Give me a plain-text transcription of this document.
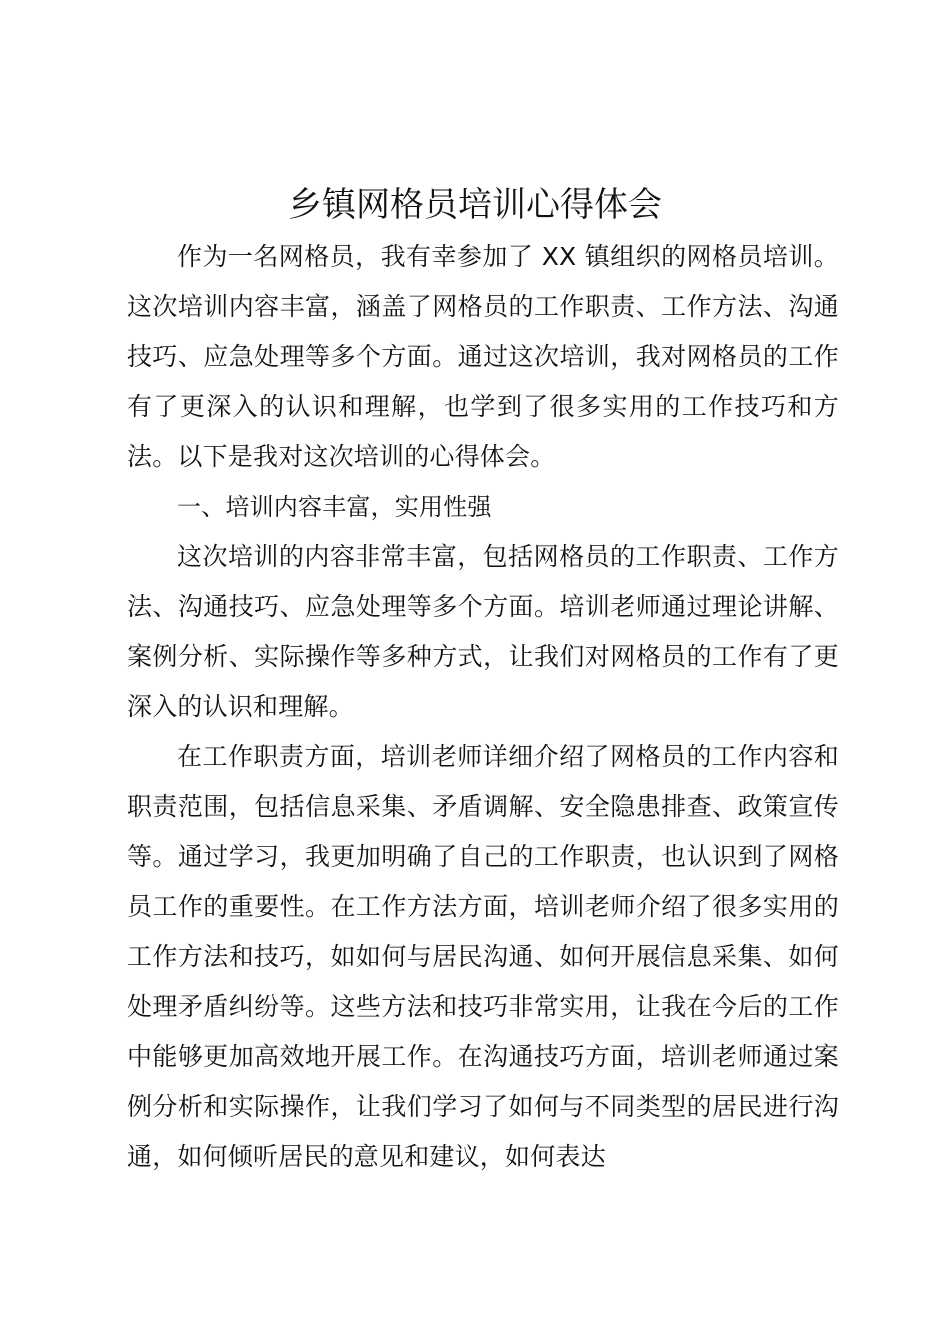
乡镇网格员培训心得体会

作为一名网格员，我有幸参加了 XX 镇组织的网格员培训。这次培训内容丰富，涵盖了网格员的工作职责、工作方法、沟通技巧、应急处理等多个方面。通过这次培训，我对网格员的工作有了更深入的认识和理解，也学到了很多实用的工作技巧和方法。以下是我对这次培训的心得体会。

一、培训内容丰富，实用性强

这次培训的内容非常丰富，包括网格员的工作职责、工作方法、沟通技巧、应急处理等多个方面。培训老师通过理论讲解、案例分析、实际操作等多种方式，让我们对网格员的工作有了更深入的认识和理解。

在工作职责方面，培训老师详细介绍了网格员的工作内容和职责范围，包括信息采集、矛盾调解、安全隐患排查、政策宣传等。通过学习，我更加明确了自己的工作职责，也认识到了网格员工作的重要性。在工作方法方面，培训老师介绍了很多实用的工作方法和技巧，如如何与居民沟通、如何开展信息采集、如何处理矛盾纠纷等。这些方法和技巧非常实用，让我在今后的工作中能够更加高效地开展工作。在沟通技巧方面，培训老师通过案例分析和实际操作，让我们学习了如何与不同类型的居民进行沟通，如何倾听居民的意见和建议，如何表达
